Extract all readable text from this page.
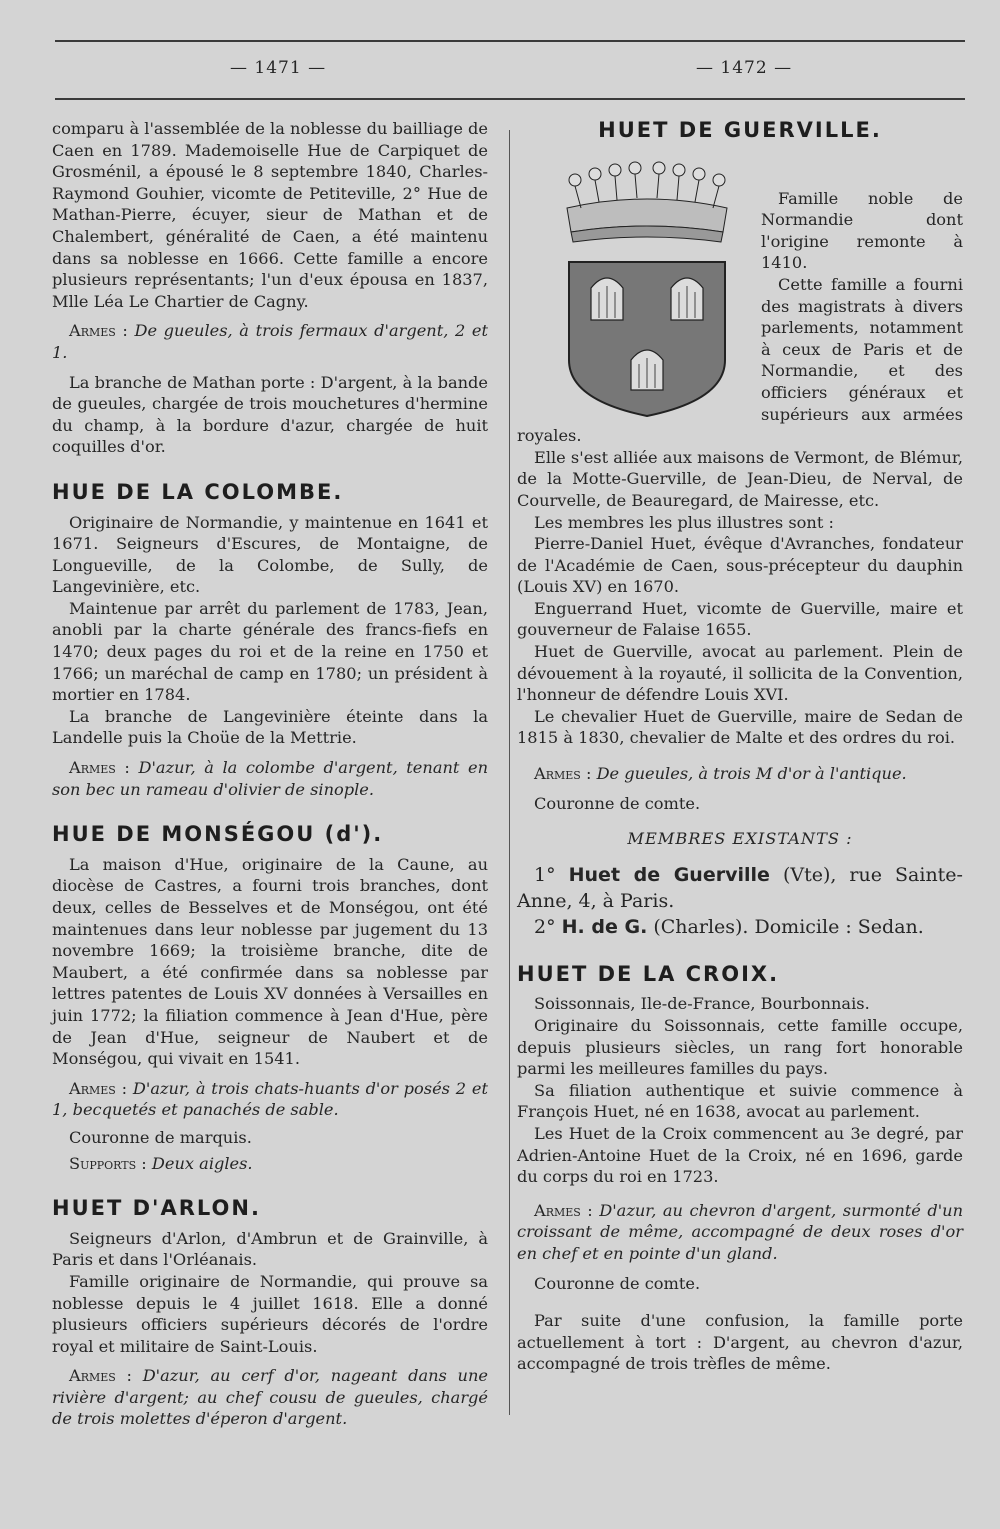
— 1471 —	— 1472 —

comparu à l'assemblée de la noblesse du bailliage de Caen en 1789. Mademoiselle Hue de Carpiquet de Grosménil, a épousé le 8 septembre 1840, Charles-Raymond Gouhier, vicomte de Petiteville, 2° Hue de Mathan-Pierre, écuyer, sieur de Mathan et de Chalembert, généralité de Caen, a été maintenu dans sa noblesse en 1666. Cette famille a encore plusieurs représentants; l'un d'eux épousa en 1837, Mlle Léa Le Chartier de Cagny.

Armes : De gueules, à trois fermaux d'argent, 2 et 1.

La branche de Mathan porte : D'argent, à la bande de gueules, chargée de trois mouchetures d'hermine du champ, à la bordure d'azur, chargée de huit coquilles d'or.

HUE DE LA COLOMBE.

Originaire de Normandie, y maintenue en 1641 et 1671. Seigneurs d'Escures, de Montaigne, de Longueville, de la Colombe, de Sully, de Langevinière, etc.

Maintenue par arrêt du parlement de 1783, Jean, anobli par la charte générale des francs-fiefs en 1470; deux pages du roi et de la reine en 1750 et 1766; un maréchal de camp en 1780; un président à mortier en 1784.

La branche de Langevinière éteinte dans la Landelle puis la Choüe de la Mettrie.

Armes : D'azur, à la colombe d'argent, tenant en son bec un rameau d'olivier de sinople.

HUE DE MONSÉGOU (d').

La maison d'Hue, originaire de la Caune, au diocèse de Castres, a fourni trois branches, dont deux, celles de Besselves et de Monségou, ont été maintenues dans leur noblesse par jugement du 13 novembre 1669; la troisième branche, dite de Maubert, a été confirmée dans sa noblesse par lettres patentes de Louis XV données à Versailles en juin 1772; la filiation commence à Jean d'Hue, père de Jean d'Hue, seigneur de Naubert et de Monségou, qui vivait en 1541.

Armes : D'azur, à trois chats-huants d'or posés 2 et 1, becquetés et panachés de sable.

Couronne de marquis.

Supports : Deux aigles.

HUET D'ARLON.

Seigneurs d'Arlon, d'Ambrun et de Grainville, à Paris et dans l'Orléanais.

Famille originaire de Normandie, qui prouve sa noblesse depuis le 4 juillet 1618. Elle a donné plusieurs officiers supérieurs décorés de l'ordre royal et militaire de Saint-Louis.

Armes : D'azur, au cerf d'or, nageant dans une rivière d'argent; au chef cousu de gueules, chargé de trois molettes d'éperon d'argent.

HUET DE GUERVILLE.

Famille noble de Normandie dont l'origine remonte à 1410.

Cette famille a fourni des magistrats à divers parlements, notamment à ceux de Paris et de Normandie, et des officiers généraux et supérieurs aux armées royales.

Elle s'est alliée aux maisons de Vermont, de Blémur, de la Motte-Guerville, de Jean-Dieu, de Nerval, de Courvelle, de Beauregard, de Mairesse, etc.

Les membres les plus illustres sont :

Pierre-Daniel Huet, évêque d'Avranches, fondateur de l'Académie de Caen, sous-précepteur du dauphin (Louis XV) en 1670.

Enguerrand Huet, vicomte de Guerville, maire et gouverneur de Falaise 1655.

Huet de Guerville, avocat au parlement. Plein de dévouement à la royauté, il sollicita de la Convention, l'honneur de défendre Louis XVI.

Le chevalier Huet de Guerville, maire de Sedan de 1815 à 1830, chevalier de Malte et des ordres du roi.

Armes : De gueules, à trois M d'or à l'antique.

Couronne de comte.

MEMBRES EXISTANTS :

1° Huet de Guerville (Vte), rue Sainte-Anne, 4, à Paris.

2° H. de G. (Charles). Domicile : Sedan.

HUET DE LA CROIX.

Soissonnais, Ile-de-France, Bourbonnais.

Originaire du Soissonnais, cette famille occupe, depuis plusieurs siècles, un rang fort honorable parmi les meilleures familles du pays.

Sa filiation authentique et suivie commence à François Huet, né en 1638, avocat au parlement.

Les Huet de la Croix commencent au 3e degré, par Adrien-Antoine Huet de la Croix, né en 1696, garde du corps du roi en 1723.

Armes : D'azur, au chevron d'argent, surmonté d'un croissant de même, accompagné de deux roses d'or en chef et en pointe d'un gland.

Couronne de comte.

Par suite d'une confusion, la famille porte actuellement à tort : D'argent, au chevron d'azur, accompagné de trois trèfles de même.
